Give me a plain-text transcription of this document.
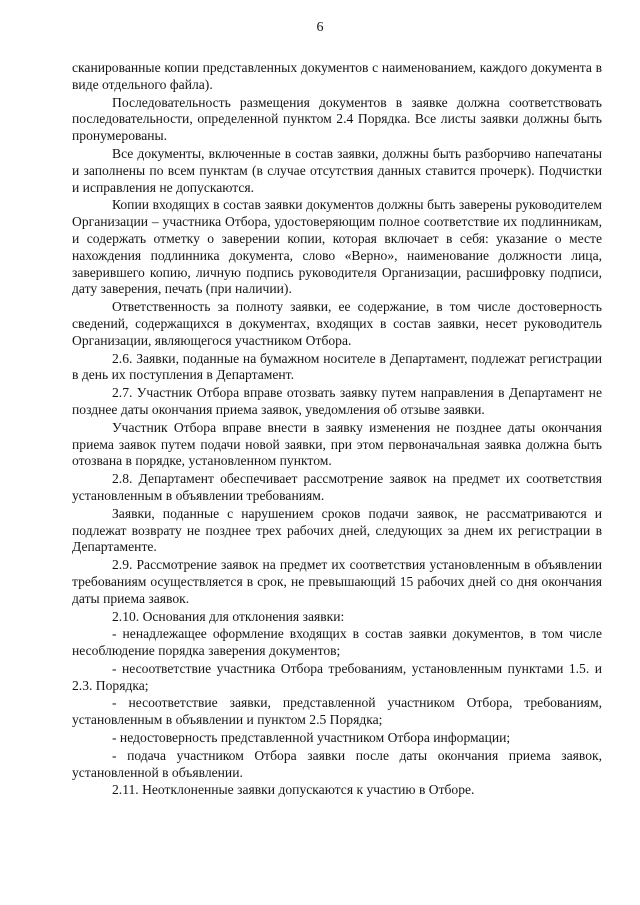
6

сканированные копии представленных документов с наименованием, каждого документа в виде отдельного файла).

Последовательность размещения документов в заявке должна соответствовать последовательности, определенной пунктом 2.4 Порядка. Все листы заявки должны быть пронумерованы.

Все документы, включенные в состав заявки, должны быть разборчиво напечатаны и заполнены по всем пунктам (в случае отсутствия данных ставится прочерк). Подчистки и исправления не допускаются.

Копии входящих в состав заявки документов должны быть заверены руководителем Организации – участника Отбора, удостоверяющим полное соответствие их подлинникам, и содержать отметку о заверении копии, которая включает в себя: указание о месте нахождения подлинника документа, слово «Верно», наименование должности лица, заверившего копию, личную подпись руководителя Организации, расшифровку подписи, дату заверения, печать (при наличии).

Ответственность за полноту заявки, ее содержание, в том числе достоверность сведений, содержащихся в документах, входящих в состав заявки, несет руководитель Организации, являющегося участником Отбора.

2.6. Заявки, поданные на бумажном носителе в Департамент, подлежат регистрации в день их поступления в Департамент.

2.7. Участник Отбора вправе отозвать заявку путем направления в Департамент не позднее даты окончания приема заявок, уведомления об отзыве заявки.

Участник Отбора вправе внести в заявку изменения не позднее даты окончания приема заявок путем подачи новой заявки, при этом первоначальная заявка должна быть отозвана в порядке, установленном пунктом.

2.8. Департамент обеспечивает рассмотрение заявок на предмет их соответствия установленным в объявлении требованиям.

Заявки, поданные с нарушением сроков подачи заявок, не рассматриваются и подлежат возврату не позднее трех рабочих дней, следующих за днем их регистрации в Департаменте.

2.9. Рассмотрение заявок на предмет их соответствия установленным в объявлении требованиям осуществляется в срок, не превышающий 15 рабочих дней со дня окончания даты приема заявок.

2.10. Основания для отклонения заявки:

- ненадлежащее оформление входящих в состав заявки документов, в том числе несоблюдение порядка заверения документов;

- несоответствие участника Отбора требованиям, установленным пунктами 1.5. и 2.3. Порядка;

- несоответствие заявки, представленной участником Отбора, требованиям, установленным в объявлении и пунктом 2.5 Порядка;

- недостоверность представленной участником Отбора информации;

- подача участником Отбора заявки после даты окончания приема заявок, установленной в объявлении.

2.11. Неотклоненные заявки допускаются к участию в Отборе.
